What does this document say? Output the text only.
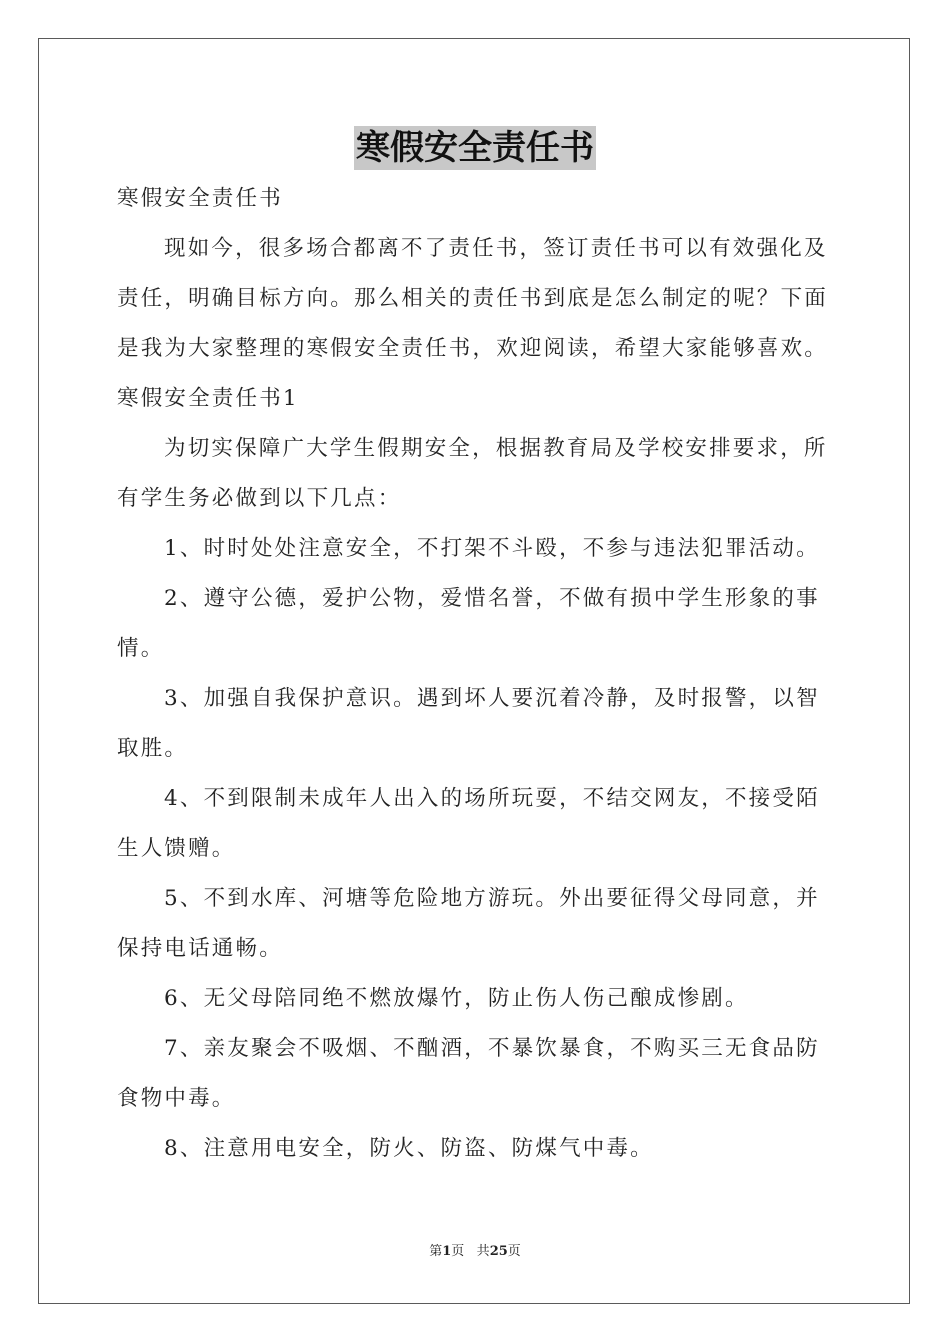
寒假安全责任书

寒假安全责任书

现如今，很多场合都离不了责任书，签订责任书可以有效强化及责任，明确目标方向。那么相关的责任书到底是怎么制定的呢？下面是我为大家整理的寒假安全责任书，欢迎阅读，希望大家能够喜欢。

寒假安全责任书1

为切实保障广大学生假期安全，根据教育局及学校安排要求，所有学生务必做到以下几点：

1、时时处处注意安全，不打架不斗殴，不参与违法犯罪活动。

2、遵守公德，爱护公物，爱惜名誉，不做有损中学生形象的事情。

3、加强自我保护意识。遇到坏人要沉着冷静，及时报警，以智取胜。

4、不到限制未成年人出入的场所玩耍，不结交网友，不接受陌生人馈赠。

5、不到水库、河塘等危险地方游玩。外出要征得父母同意，并保持电话通畅。

6、无父母陪同绝不燃放爆竹，防止伤人伤己酿成惨剧。

7、亲友聚会不吸烟、不酗酒，不暴饮暴食，不购买三无食品防食物中毒。

8、注意用电安全，防火、防盗、防煤气中毒。

第1页 共25页
